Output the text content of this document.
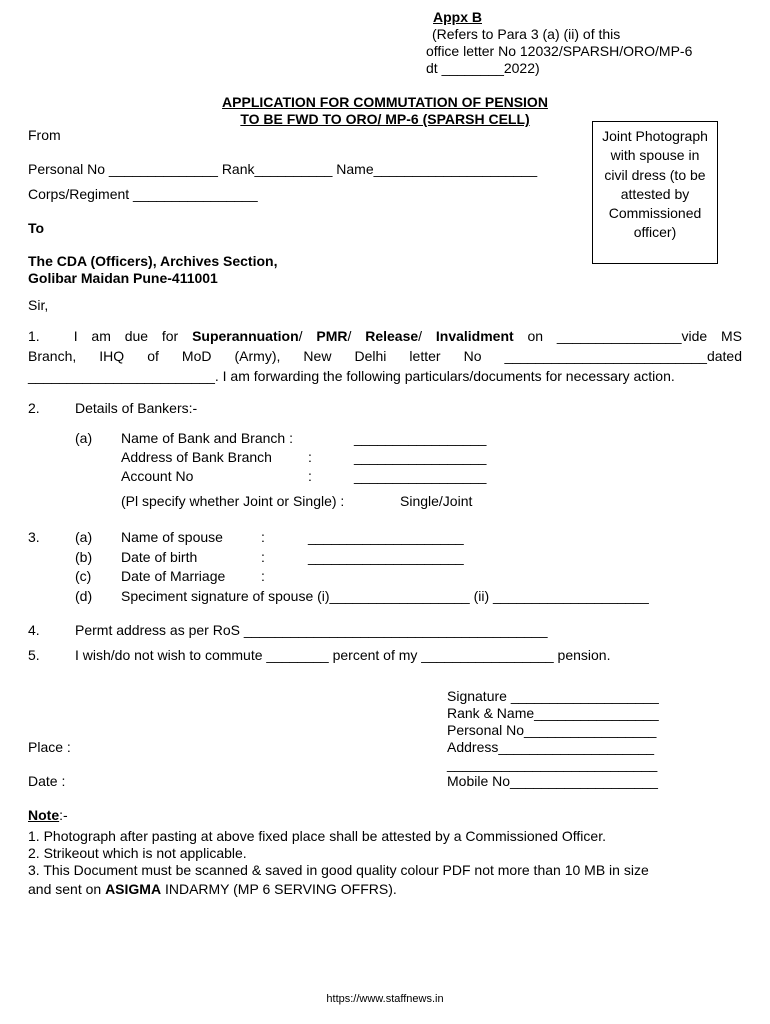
Appx B
(Refers to Para 3 (a) (ii) of this
office letter No 12032/SPARSH/ORO/MP-6
dt ________2022)
APPLICATION FOR COMMUTATION OF PENSION
TO BE FWD TO ORO/ MP-6 (SPARSH CELL)
Joint Photograph with spouse in civil dress (to be attested by Commissioned officer)
From
Personal No ______________ Rank__________ Name_____________________
Corps/Regiment ________________
To
The CDA (Officers), Archives Section,
Golibar Maidan Pune-411001
Sir,
1. I am due for Superannuation/ PMR/ Release/ Invalidment on ________________vide MS
Branch, IHQ of MoD (Army), New Delhi letter No __________________________dated
________________________. I am forwarding the following particulars/documents for necessary action.
2.	Details of Bankers:-
(a) Name of Bank and Branch :	_________________
Address of Bank Branch	:	_________________
Account No	:	_________________
(Pl specify whether Joint or Single) :	Single/Joint
3.	(a) Name of spouse	:	____________________
(b) Date of birth	:	____________________
(c) Date of Marriage	:
(d) Speciment signature of spouse (i)__________________ (ii) ____________________
4.	Permt address as per RoS _______________________________________
5.	I wish/do not wish to commute ________ percent of my _________________ pension.
Signature ___________________
Rank & Name________________
Personal No_________________
Address____________________
___________________________
Mobile No___________________
Place :
Date :
Note:-
1. Photograph after pasting at above fixed place shall be attested by a Commissioned Officer.
2. Strikeout which is not applicable.
3. This Document must be scanned & saved in good quality colour PDF not more than 10 MB in size
and sent on ASIGMA INDARMY (MP 6 SERVING OFFRS).
https://www.staffnews.in
